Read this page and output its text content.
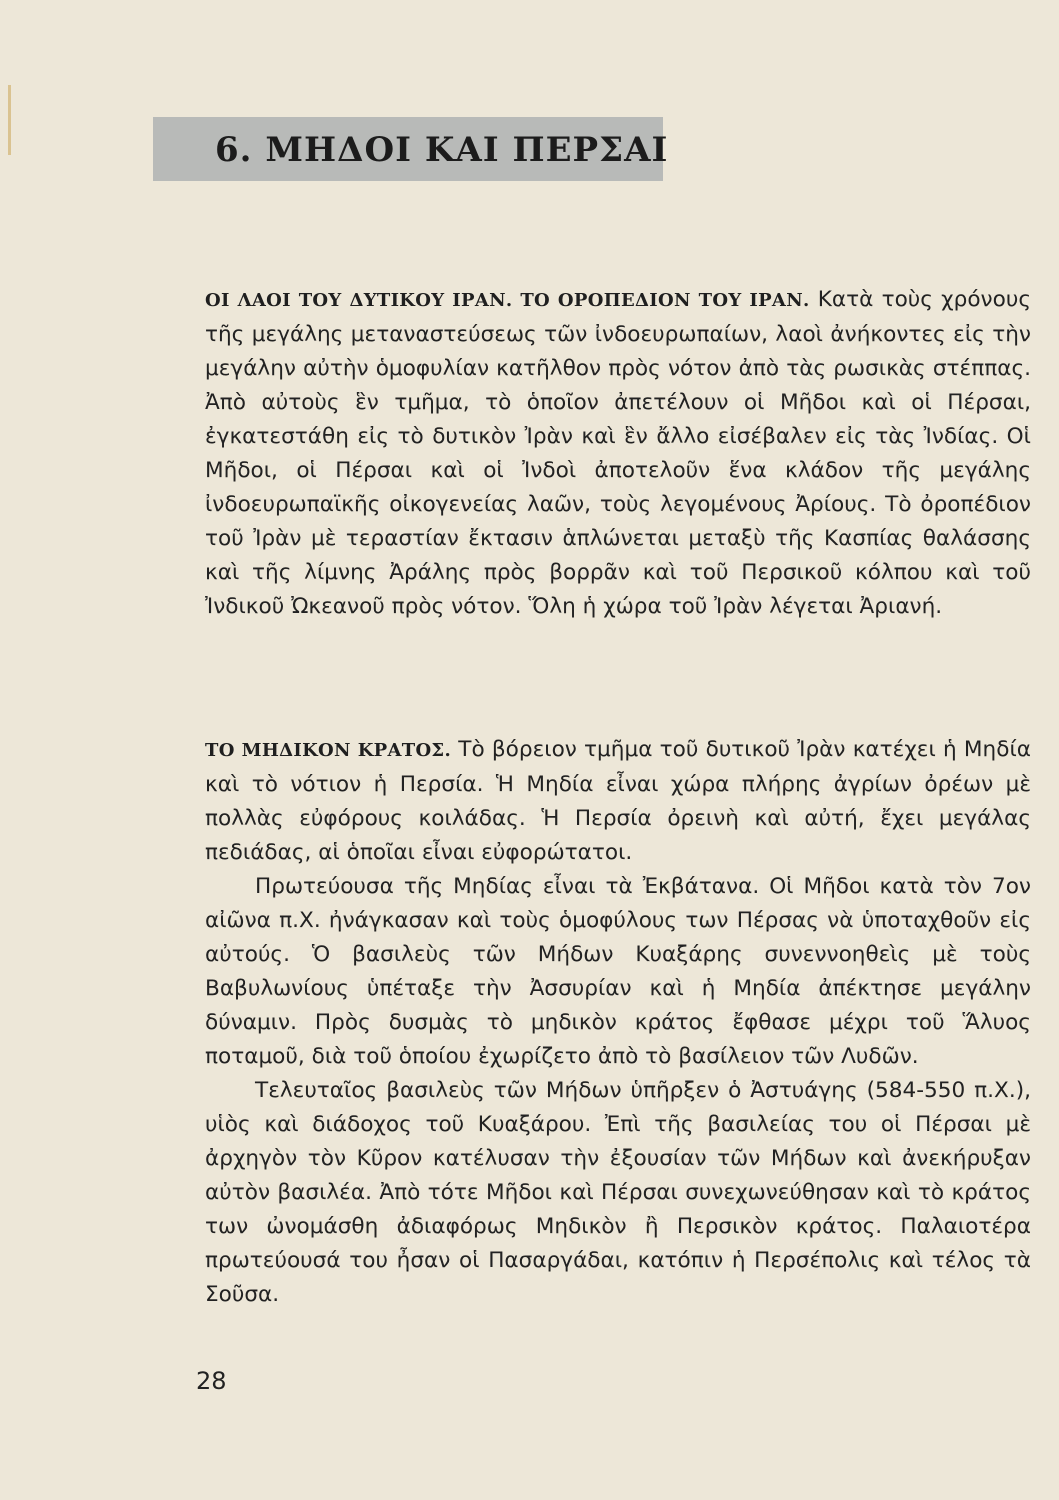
6. ΜΗΔΟΙ ΚΑΙ ΠΕΡΣΑΙ

ΟΙ ΛΑΟΙ ΤΟΥ ΔΥΤΙΚΟΥ ΙΡΑΝ. ΤΟ ΟΡΟΠΕΔΙΟΝ ΤΟΥ ΙΡΑΝ. Κατὰ τοὺς χρόνους τῆς μεγάλης μεταναστεύσεως τῶν ἰνδοευρωπαίων, λαοὶ ἀνήκοντες εἰς τὴν μεγάλην αὐτὴν ὁμοφυλίαν κατῆλθον πρὸς νότον ἀπὸ τὰς ρωσικὰς στέππας. Ἀπὸ αὐτοὺς ἓν τμῆμα, τὸ ὁποῖον ἀπετέλουν οἱ Μῆδοι καὶ οἱ Πέρσαι, ἐγκατεστάθη εἰς τὸ δυτικὸν Ἰρὰν καὶ ἓν ἄλλο εἰσέβαλεν εἰς τὰς Ἰνδίας. Οἱ Μῆδοι, οἱ Πέρσαι καὶ οἱ Ἰνδοὶ ἀποτελοῦν ἕνα κλάδον τῆς μεγάλης ἰνδοευρωπαϊκῆς οἰκογενείας λαῶν, τοὺς λεγομένους Ἀρίους. Τὸ ὀροπέδιον τοῦ Ἰρὰν μὲ τεραστίαν ἔκτασιν ἁπλώνεται μεταξὺ τῆς Κασπίας θαλάσσης καὶ τῆς λίμνης Ἀράλης πρὸς βορρᾶν καὶ τοῦ Περσικοῦ κόλπου καὶ τοῦ Ἰνδικοῦ Ὠκεανοῦ πρὸς νότον. Ὅλη ἡ χώρα τοῦ Ἰρὰν λέγεται Ἀριανή.

ΤΟ ΜΗΔΙΚΟΝ ΚΡΑΤΟΣ. Τὸ βόρειον τμῆμα τοῦ δυτικοῦ Ἰρὰν κατέχει ἡ Μηδία καὶ τὸ νότιον ἡ Περσία. Ἡ Μηδία εἶναι χώρα πλήρης ἀγρίων ὀρέων μὲ πολλὰς εὐφόρους κοιλάδας. Ἡ Περσία ὀρεινὴ καὶ αὐτή, ἔχει μεγάλας πεδιάδας, αἱ ὁποῖαι εἶναι εὐφορώτατοι.

Πρωτεύουσα τῆς Μηδίας εἶναι τὰ Ἐκβάτανα. Οἱ Μῆδοι κατὰ τὸν 7ον αἰῶνα π.Χ. ἠνάγκασαν καὶ τοὺς ὁμοφύλους των Πέρσας νὰ ὑποταχθοῦν εἰς αὐτούς. Ὁ βασιλεὺς τῶν Μήδων Κυαξάρης συνεννοηθεὶς μὲ τοὺς Βαβυλωνίους ὑπέταξε τὴν Ἀσσυρίαν καὶ ἡ Μηδία ἀπέκτησε μεγάλην δύναμιν. Πρὸς δυσμὰς τὸ μηδικὸν κράτος ἔφθασε μέχρι τοῦ Ἅλυος ποταμοῦ, διὰ τοῦ ὁποίου ἐχωρίζετο ἀπὸ τὸ βασίλειον τῶν Λυδῶν.

Τελευταῖος βασιλεὺς τῶν Μήδων ὑπῆρξεν ὁ Ἀστυάγης (584-550 π.Χ.), υἱὸς καὶ διάδοχος τοῦ Κυαξάρου. Ἐπὶ τῆς βασιλείας του οἱ Πέρσαι μὲ ἀρχηγὸν τὸν Κῦρον κατέλυσαν τὴν ἐξουσίαν τῶν Μήδων καὶ ἀνεκήρυξαν αὐτὸν βασιλέα. Ἀπὸ τότε Μῆδοι καὶ Πέρσαι συνεχωνεύθησαν καὶ τὸ κράτος των ὠνομάσθη ἀδιαφόρως Μηδικὸν ἢ Περσικὸν κράτος. Παλαιοτέρα πρωτεύουσά του ἦσαν οἱ Πασαργάδαι, κατόπιν ἡ Περσέπολις καὶ τέλος τὰ Σοῦσα.

28
